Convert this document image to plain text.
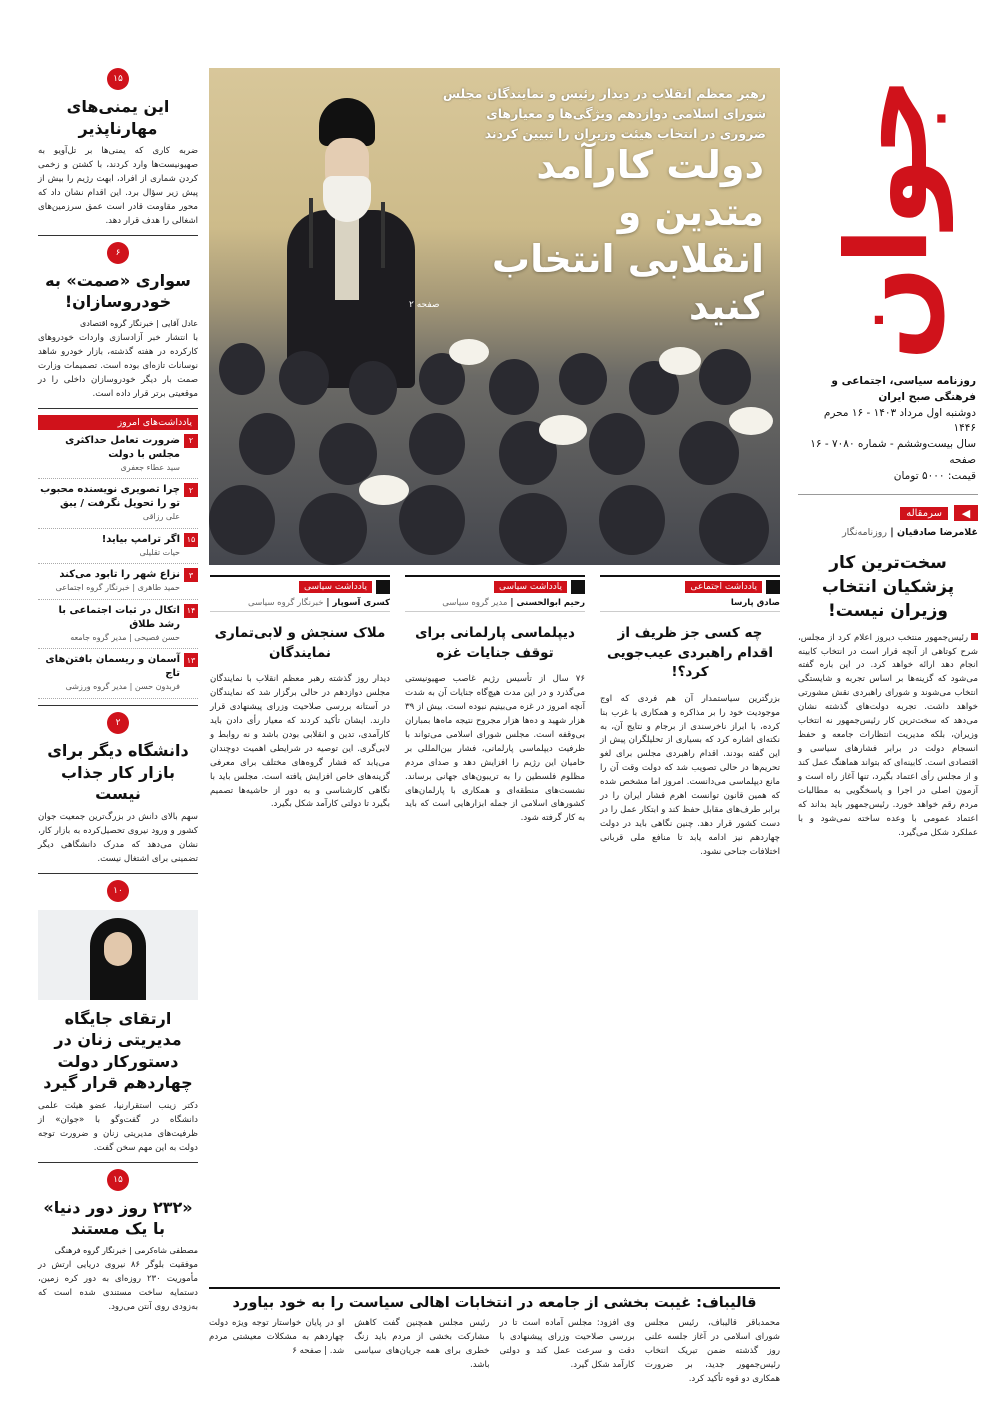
جوان
روزنامه سیاسی، اجتماعی و فرهنگی صبح ایران
دوشنبه اول مرداد ۱۴۰۳ - ۱۶ محرم ۱۴۴۶
سال بیست‌وششم - شماره ۷۰۸۰ - ۱۶ صفحه
قیمت: ۵۰۰۰ تومان
◀
سرمقاله
غلامرضا صادقیان | روزنامه‌نگار
سخت‌ترین کار پزشکیان انتخاب وزیران نیست!

رئیس‌جمهور منتخب دیروز اعلام کرد از مجلس، شرح کوتاهی از آنچه قرار است در انتخاب کابینه انجام دهد ارائه خواهد کرد. در این باره گفته می‌شود که گزینه‌ها بر اساس تجربه و شایستگی انتخاب می‌شوند و شورای راهبردی نقش مشورتی خواهد داشت. تجربه دولت‌های گذشته نشان می‌دهد که سخت‌ترین کار رئیس‌جمهور نه انتخاب وزیران، بلکه مدیریت انتظارات جامعه و حفظ انسجام دولت در برابر فشارهای سیاسی و اقتصادی است. کابینه‌ای که بتواند هماهنگ عمل کند و از مجلس رأی اعتماد بگیرد، تنها آغاز راه است و آزمون اصلی در اجرا و پاسخگویی به مطالبات مردم رقم خواهد خورد. رئیس‌جمهور باید بداند که اعتماد عمومی با وعده ساخته نمی‌شود و با عملکرد شکل می‌گیرد.

رهبر معظم انقلاب در دیدار رئیس و نمایندگان مجلس شورای اسلامی دوازدهم ویژگی‌ها و معیارهای ضروری در انتخاب هیئت وزیران را تبیین کردند
دولت کارآمد متدین و انقلابی انتخاب کنید
صفحه ۲
یادداشت اجتماعی
صادق پارسا
چه کسی جز ظریف از اقدام راهبردی عیب‌جویی کرد؟!

بزرگترین سیاستمدار آن هم فردی که اوج موجودیت خود را بر مذاکره و همکاری با غرب بنا کرده، با ابراز ناخرسندی از برجام و نتایج آن، به نکته‌ای اشاره کرد که بسیاری از تحلیلگران پیش از این گفته بودند. اقدام راهبردی مجلس برای لغو تحریم‌ها در حالی تصویب شد که دولت وقت آن را مانع دیپلماسی می‌دانست. امروز اما مشخص شده که همین قانون توانست اهرم فشار ایران را در برابر طرف‌های مقابل حفظ کند و ابتکار عمل را در دست کشور قرار دهد. چنین نگاهی باید در دولت چهاردهم نیز ادامه یابد تا منافع ملی قربانی اختلافات جناحی نشود.

یادداشت سیاسی
رحیم ابوالحسنی | مدیر گروه سیاسی
دیپلماسی پارلمانی برای توقف جنایات غزه

۷۶ سال از تأسیس رژیم غاصب صهیونیستی می‌گذرد و در این مدت هیچ‌گاه جنایات آن به شدت آنچه امروز در غزه می‌بینیم نبوده است. بیش از ۳۹ هزار شهید و ده‌ها هزار مجروح نتیجه ماه‌ها بمباران بی‌وقفه است. مجلس شورای اسلامی می‌تواند با ظرفیت دیپلماسی پارلمانی، فشار بین‌المللی بر حامیان این رژیم را افزایش دهد و صدای مردم مظلوم فلسطین را به تریبون‌های جهانی برساند. نشست‌های منطقه‌ای و همکاری با پارلمان‌های کشورهای اسلامی از جمله ابزارهایی است که باید به کار گرفته شود.

یادداشت سیاسی
کسری آسوپار | خبرنگار گروه سیاسی
ملاک سنجش و لابی‌تماری نمایندگان

دیدار روز گذشته رهبر معظم انقلاب با نمایندگان مجلس دوازدهم در حالی برگزار شد که نمایندگان در آستانه بررسی صلاحیت وزرای پیشنهادی قرار دارند. ایشان تأکید کردند که معیار رأی دادن باید کارآمدی، تدین و انقلابی بودن باشد و نه روابط و لابی‌گری. این توصیه در شرایطی اهمیت دوچندان می‌یابد که فشار گروه‌های مختلف برای معرفی گزینه‌های خاص افزایش یافته است. مجلس باید با نگاهی کارشناسی و به دور از حاشیه‌ها تصمیم بگیرد تا دولتی کارآمد شکل بگیرد.

قالیباف: غیبت بخشی از جامعه در انتخابات اهالی سیاست را به خود بیاورد
محمدباقر قالیباف، رئیس مجلس شورای اسلامی در آغاز جلسه علنی روز گذشته ضمن تبریک انتخاب رئیس‌جمهور جدید، بر ضرورت همکاری دو قوه تأکید کرد.
وی افزود: مجلس آماده است تا در بررسی صلاحیت وزرای پیشنهادی با دقت و سرعت عمل کند و دولتی کارآمد شکل گیرد.
رئیس مجلس همچنین گفت کاهش مشارکت بخشی از مردم باید زنگ خطری برای همه جریان‌های سیاسی باشد.
او در پایان خواستار توجه ویژه دولت چهاردهم به مشکلات معیشتی مردم شد. | صفحه ۶
۱۵
این یمنی‌های مهارناپذیر

ضربه کاری که یمنی‌ها بر تل‌آویو به صهیونیست‌ها وارد کردند، با کشتن و زخمی کردن شماری از افراد، ابهت رژیم را بیش از پیش زیر سؤال برد. این اقدام نشان داد که محور مقاومت قادر است عمق سرزمین‌های اشغالی را هدف قرار دهد.

۶
سواری «صمت» به خودروسازان!
عادل آقایی | خبرنگار گروه اقتصادی

با انتشار خبر آزادسازی واردات خودروهای کارکرده در هفته گذشته، بازار خودرو شاهد نوسانات تازه‌ای بوده است. تصمیمات وزارت صمت بار دیگر خودروسازان داخلی را در موقعیتی برتر قرار داده است.

یادداشت‌های امروز
۲
ضرورت تعامل حداکثری مجلس با دولت
سید عطاء جعفری
۲
چرا تصویری نویسنده محبوب تو را تحویل نگرفت / یبق
علی رزاقی
۱۵
اگر ترامپ بیاید!
حیات تقلیلی
۳
نزاع شهر را تابود می‌کند
حمید طاهری | خبرنگار گروه اجتماعی
۱۴
اتکال در ثبات اجتماعی با رشد طلاق
حسن فصیحی | مدیر گروه جامعه
۱۳
آسمان و ریسمان بافتن‌های تاج
فربدون حسن | مدیر گروه ورزشی
۲
دانشگاه دیگر برای بازار کار جذاب نیست

سهم بالای دانش در بزرگ‌ترین جمعیت جوان کشور و ورود نیروی تحصیل‌کرده به بازار کار، نشان می‌دهد که مدرک دانشگاهی دیگر تضمینی برای اشتغال نیست.

۱۰
ارتقای جایگاه مدیریتی زنان در دستورکار دولت چهاردهم قرار گیرد

دکتر زینب استقرار‌نیا، عضو هیئت علمی دانشگاه در گفت‌وگو با «جوان» از ظرفیت‌های مدیریتی زنان و ضرورت توجه دولت به این مهم سخن گفت.

۱۵
«۲۳۲ روز دور دنیا» با یک مستند
مصطفی شاه‌کرمی | خبرنگار گروه فرهنگی

موفقیت بلوگر ۸۶ نیروی دریایی ارتش در مأموریت ۲۳۰ روزه‌ای به دور کره زمین، دستمایه ساخت مستندی شده است که به‌زودی روی آنتن می‌رود.
